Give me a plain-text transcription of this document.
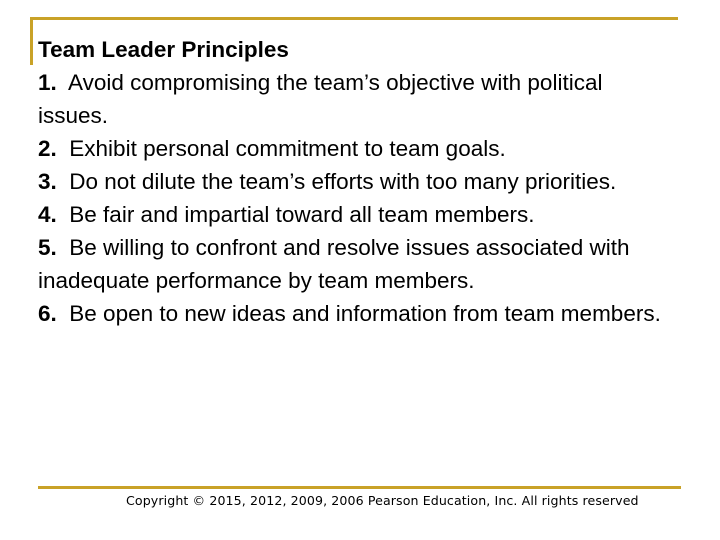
Team Leader Principles

1. Avoid compromising the team’s objective with political issues.

2. Exhibit personal commitment to team goals.

3. Do not dilute the team’s efforts with too many priorities.

4. Be fair and impartial toward all team members.

5. Be willing to confront and resolve issues associated with inadequate performance by team members.

6. Be open to new ideas and information from team members.

Copyright © 2015, 2012, 2009, 2006 Pearson Education, Inc. All rights reserved
